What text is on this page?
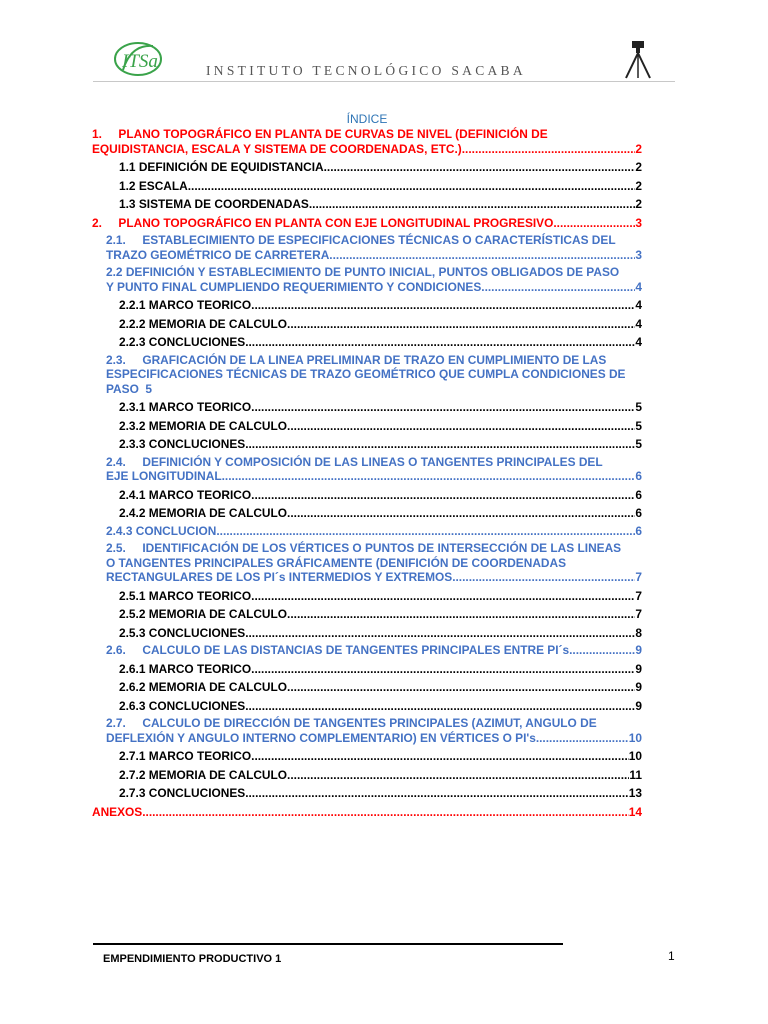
ITSa	INSTITUTO TECNOLÓGICO SACABA
ÍNDICE
1.     PLANO TOPOGRÁFICO EN PLANTA DE CURVAS DE NIVEL (DEFINICIÓN DE
EQUIDISTANCIA, ESCALA Y SISTEMA DE COORDENADAS, ETC.) .....	2
1.1 DEFINICIÓN DE EQUIDISTANCIA .....	2
1.2 ESCALA .....	2
1.3 SISTEMA DE COORDENADAS .....	2
2.     PLANO TOPOGRÁFICO EN PLANTA CON EJE LONGITUDINAL PROGRESIVO .....	3
2.1.     ESTABLECIMIENTO DE ESPECIFICACIONES TÉCNICAS O CARACTERÍSTICAS DEL
TRAZO GEOMÉTRICO DE CARRETERA .....	3
2.2 DEFINICIÓN Y ESTABLECIMIENTO DE PUNTO INICIAL, PUNTOS OBLIGADOS DE PASO
Y PUNTO FINAL CUMPLIENDO REQUERIMIENTO Y CONDICIONES .....	4
2.2.1 MARCO TEORICO .....	4
2.2.2 MEMORIA DE CALCULO .....	4
2.2.3 CONCLUCIONES .....	4
2.3.     GRAFICACIÓN DE LA LINEA PRELIMINAR DE TRAZO EN CUMPLIMIENTO DE LAS
ESPECIFICACIONES TÉCNICAS DE TRAZO GEOMÉTRICO QUE CUMPLA CONDICIONES DE
PASO  5
2.3.1 MARCO TEORICO .....	5
2.3.2 MEMORIA DE CALCULO .....	5
2.3.3 CONCLUCIONES .....	5
2.4.     DEFINICIÓN Y COMPOSICIÓN DE LAS LINEAS O TANGENTES PRINCIPALES DEL
EJE LONGITUDINAL .....	6
2.4.1 MARCO TEORICO .....	6
2.4.2 MEMORIA DE CALCULO .....	6
2.4.3 CONCLUCION .....	6
2.5.     IDENTIFICACIÓN DE LOS VÉRTICES O PUNTOS DE INTERSECCIÓN DE LAS LINEAS
O TANGENTES PRINCIPALES GRÁFICAMENTE (DENIFICIÓN DE COORDENADAS
RECTANGULARES DE LOS PI´s INTERMEDIOS Y EXTREMOS .....	7
2.5.1 MARCO TEORICO .....	7
2.5.2 MEMORIA DE CALCULO .....	7
2.5.3 CONCLUCIONES .....	8
2.6.     CALCULO DE LAS DISTANCIAS DE TANGENTES PRINCIPALES ENTRE PI´s .....	9
2.6.1 MARCO TEORICO .....	9
2.6.2 MEMORIA DE CALCULO .....	9
2.6.3 CONCLUCIONES .....	9
2.7.     CALCULO DE DIRECCIÓN DE TANGENTES PRINCIPALES (AZIMUT, ANGULO DE
DEFLEXIÓN Y ANGULO INTERNO COMPLEMENTARIO) EN VÉRTICES O PI's .....	10
2.7.1 MARCO TEORICO .....	10
2.7.2 MEMORIA DE CALCULO .....	11
2.7.3 CONCLUCIONES .....	13
ANEXOS .....	14
EMPENDIMIENTO PRODUCTIVO 1	1
